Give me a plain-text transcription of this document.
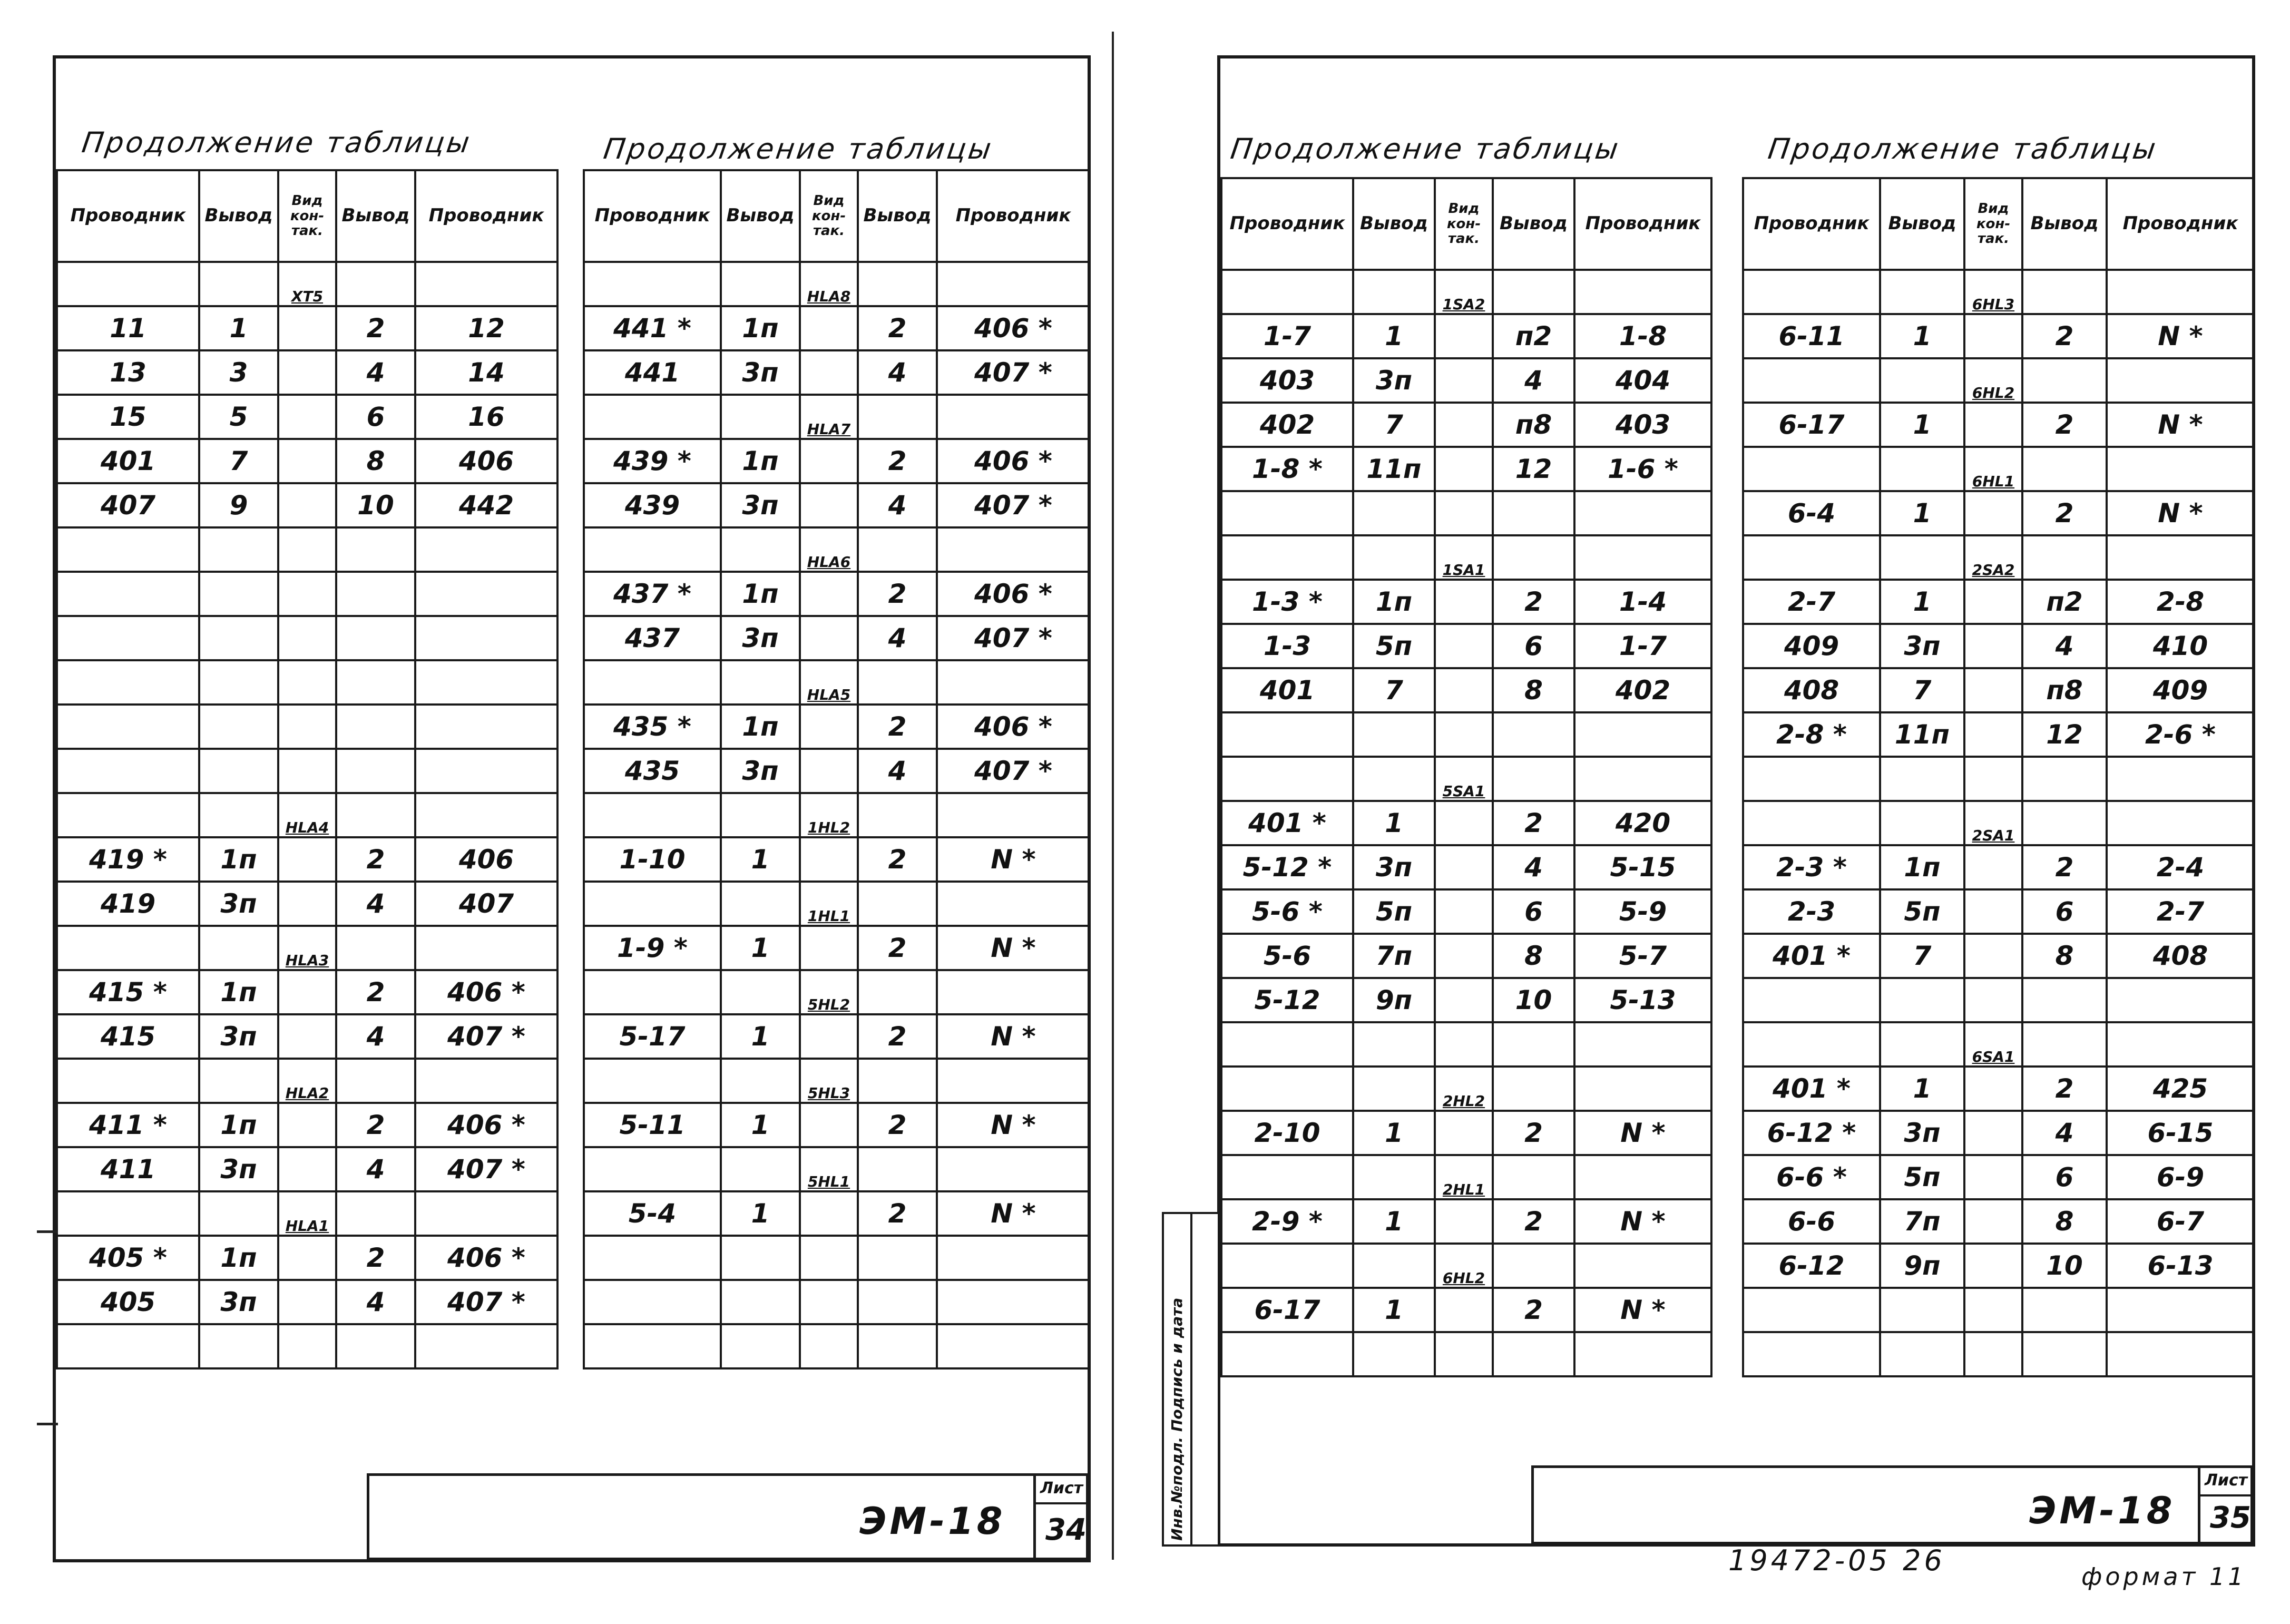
Продолжение таблицы	Продолжение таблицы
Проводник	Вывод	Вид кон- так.	Вывод	Проводник
		XT5		
11	1		2	12
13	3		4	14
15	5		6	16
401	7		8	406
407	9		10	442

		HLA4		
419 *	1п		2	406
419	3п		4	407
		HLA3		
415 *	1п		2	406 *
415	3п		4	407 *
		HLA2		
411 *	1п		2	406 *
411	3п		4	407 *
		HLA1		
405 *	1п		2	406 *
405	3п		4	407 *

Проводник	Вывод	Вид кон- так.	Вывод	Проводник
		HLA8		
441 *	1п		2	406 *
441	3п		4	407 *
		HLA7		
439 *	1п		2	406 *
439	3п		4	407 *
		HLA6		
437 *	1п		2	406 *
437	3п		4	407 *
		HLA5		
435 *	1п		2	406 *
435	3п		4	407 *
		1HL2		
1-10	1		2	N *
		1HL1		
1-9 *	1		2	N *
		5HL2		
5-17	1		2	N *
		5HL3		
5-11	1		2	N *
		5HL1		
5-4	1		2	N *

ЭМ-18
Лист
34
Продолжение таблицы	Продолжение таблицы
Проводник	Вывод	Вид кон- так.	Вывод	Проводник
		1SA2		
1-7	1		п2	1-8
403	3п		4	404
402	7		п8	403
1-8 *	11п		12	1-6 *

		1SA1		
1-3 *	1п		2	1-4
1-3	5п		6	1-7
401	7		8	402

		5SA1		
401 *	1		2	420
5-12 *	3п		4	5-15
5-6 *	5п		6	5-9
5-6	7п		8	5-7
5-12	9п		10	5-13

		2HL2		
2-10	1		2	N *
		2HL1		
2-9 *	1		2	N *
		6HL2		
6-17	1		2	N *

Проводник	Вывод	Вид кон- так.	Вывод	Проводник
		6HL3		
6-11	1		2	N *
		6HL2		
6-17	1		2	N *
		6HL1		
6-4	1		2	N *
		2SA2		
2-7	1		п2	2-8
409	3п		4	410
408	7		п8	409
2-8 *	11п		12	2-6 *

		2SA1		
2-3 *	1п		2	2-4
2-3	5п		6	2-7
401 *	7		8	408

		6SA1		
401 *	1		2	425
6-12 *	3п		4	6-15
6-6 *	5п		6	6-9
6-6	7п		8	6-7
6-12	9п		10	6-13

ЭМ-18
Лист
35
Инв.№подл. Подпись и дата
19472-05 26	формат 11
